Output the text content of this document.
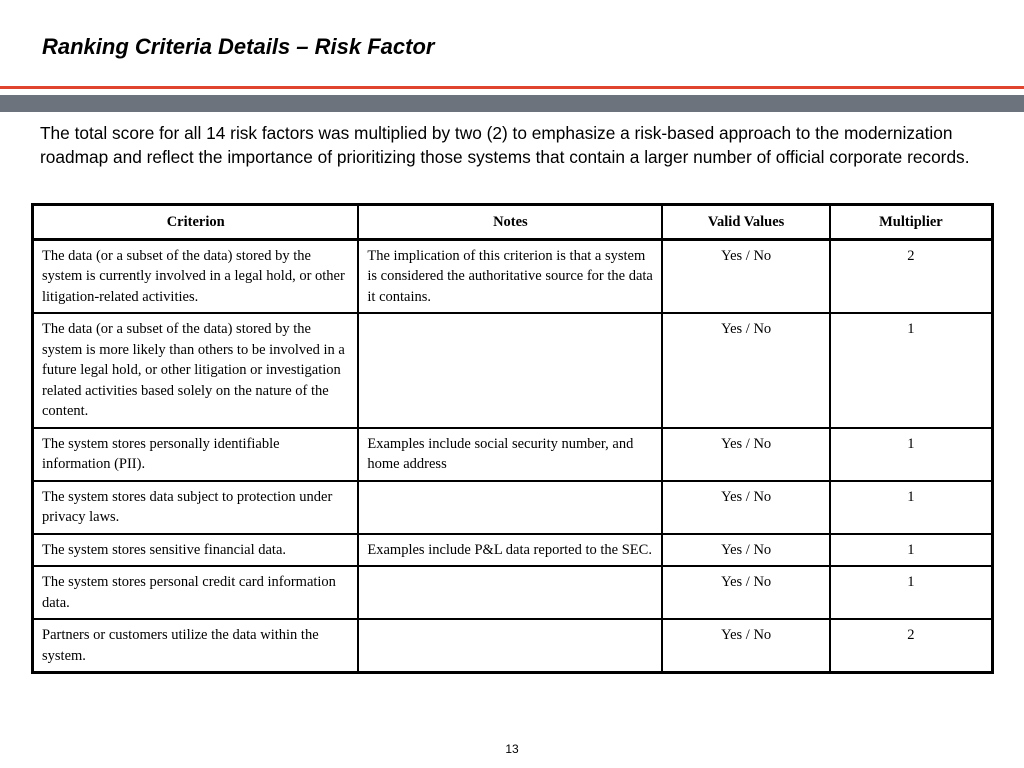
Ranking Criteria Details – Risk Factor
The total score for all 14 risk factors was multiplied by two (2) to emphasize a risk-based approach to the modernization roadmap and reflect the importance of prioritizing those systems that contain a larger number of official corporate records.
Criterion	Notes	Valid Values	Multiplier
The data (or a subset of the data) stored by the system is currently involved in a legal hold, or other litigation-related activities.	The implication of this criterion is that a system is considered the authoritative source for the data it contains.	Yes / No	2
The data (or a subset of the data) stored by the system is more likely than others to be involved in a future legal hold, or other litigation or investigation related activities based solely on the nature of the content.		Yes / No	1
The system stores personally identifiable information (PII).	Examples include social security number, and home address	Yes / No	1
The system stores data subject to protection under privacy laws.		Yes / No	1
The system stores sensitive financial data.	Examples include P&L data reported to the SEC.	Yes / No	1
The system stores personal credit card information data.		Yes / No	1
Partners or customers utilize the data within the system.		Yes / No	2
13
